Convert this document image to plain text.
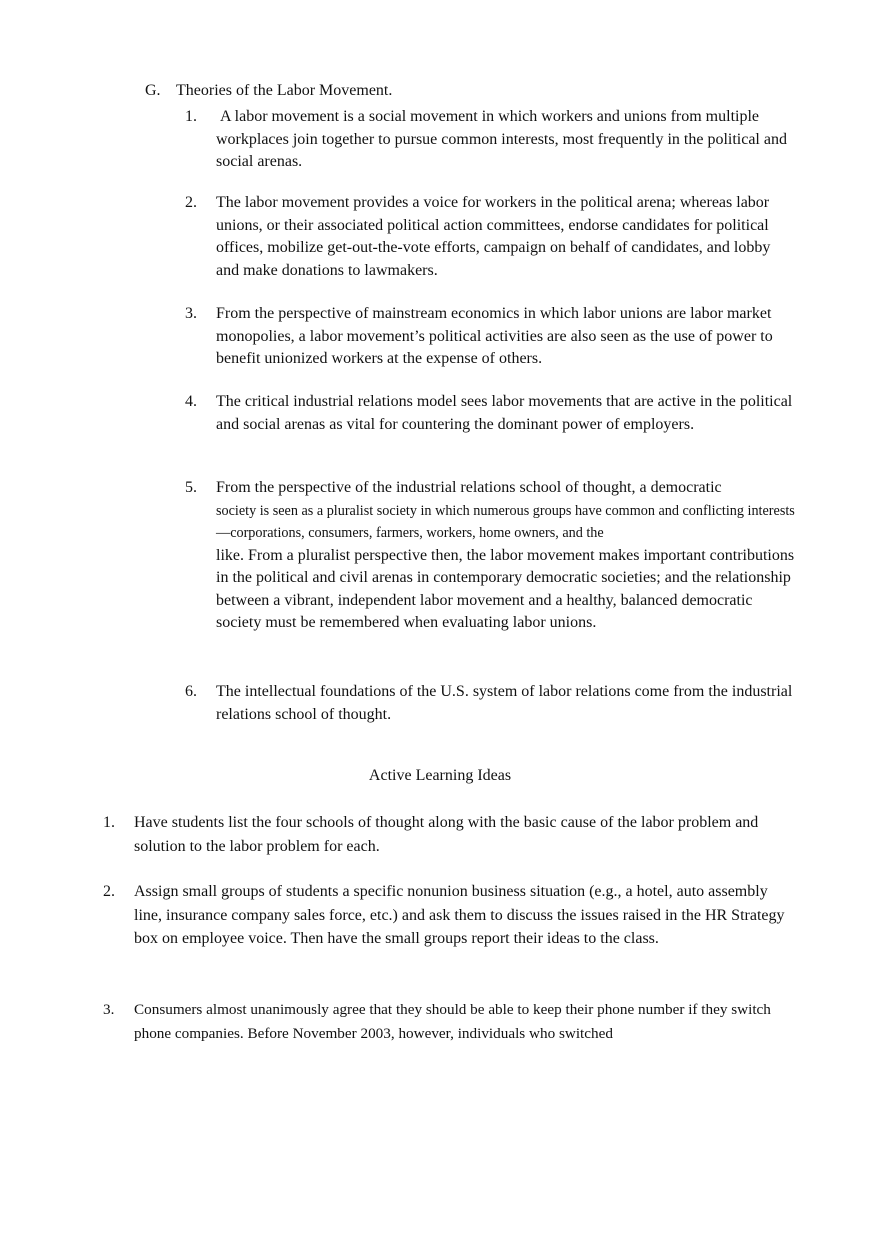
G. Theories of the Labor Movement.
1. A labor movement is a social movement in which workers and unions from multiple workplaces join together to pursue common interests, most frequently in the political and social arenas.
2. The labor movement provides a voice for workers in the political arena; whereas labor unions, or their associated political action committees, endorse candidates for political offices, mobilize get-out-the-vote efforts, campaign on behalf of candidates, and lobby and make donations to lawmakers.
3. From the perspective of mainstream economics in which labor unions are labor market monopolies, a labor movement’s political activities are also seen as the use of power to benefit unionized workers at the expense of others.
4. The critical industrial relations model sees labor movements that are active in the political and social arenas as vital for countering the dominant power of employers.
5. From the perspective of the industrial relations school of thought, a democratic
society is seen as a pluralist society in which numerous groups have common and conflicting interests—corporations, consumers, farmers, workers, home owners, and the
like. From a pluralist perspective then, the labor movement makes important contributions in the political and civil arenas in contemporary democratic societies; and the relationship between a vibrant, independent labor movement and a healthy, balanced democratic society must be remembered when evaluating labor unions.
6. The intellectual foundations of the U.S. system of labor relations come from the industrial relations school of thought.
Active Learning Ideas
1. Have students list the four schools of thought along with the basic cause of the labor problem and solution to the labor problem for each.
2. Assign small groups of students a specific nonunion business situation (e.g., a hotel, auto assembly line, insurance company sales force, etc.) and ask them to discuss the issues raised in the HR Strategy box on employee voice. Then have the small groups report their ideas to the class.
3. Consumers almost unanimously agree that they should be able to keep their phone number if they switch phone companies. Before November 2003, however, individuals who switched
